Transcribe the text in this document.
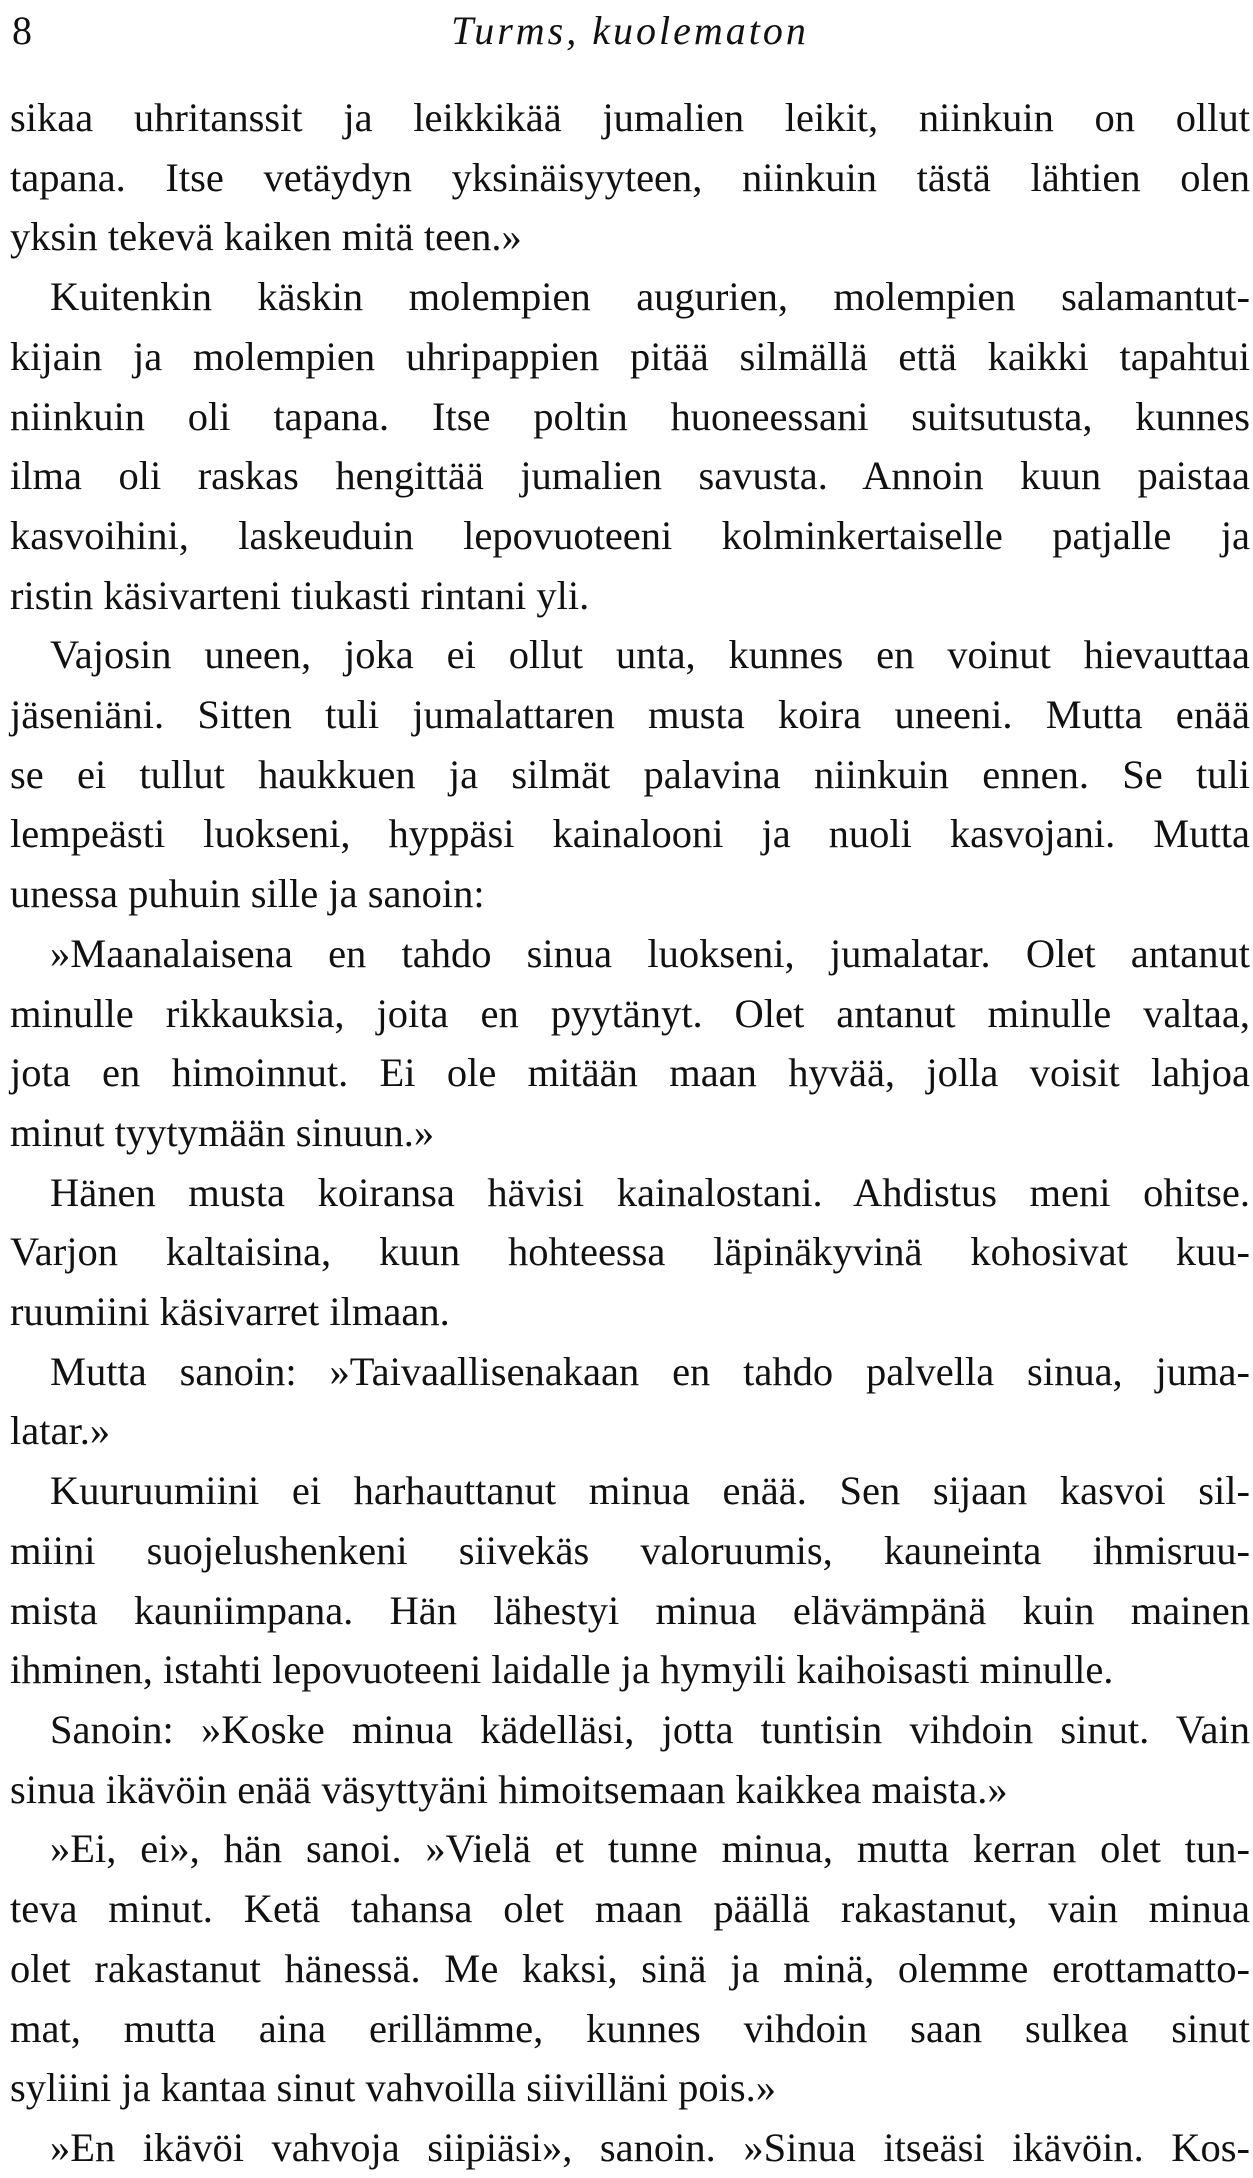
8	Turms, kuolematon

sikaa uhritanssit ja leikkikää jumalien leikit, niinkuin on ollut
tapana. Itse vetäydyn yksinäisyyteen, niinkuin tästä lähtien olen
yksin tekevä kaiken mitä teen.»

Kuitenkin käskin molempien augurien, molempien salamantut-
kijain ja molempien uhripappien pitää silmällä että kaikki tapahtui
niinkuin oli tapana. Itse poltin huoneessani suitsutusta, kunnes
ilma oli raskas hengittää jumalien savusta. Annoin kuun paistaa
kasvoihini, laskeuduin lepovuoteeni kolminkertaiselle patjalle ja
ristin käsivarteni tiukasti rintani yli.

Vajosin uneen, joka ei ollut unta, kunnes en voinut hievauttaa
jäseniäni. Sitten tuli jumalattaren musta koira uneeni. Mutta enää
se ei tullut haukkuen ja silmät palavina niinkuin ennen. Se tuli
lempeästi luokseni, hyppäsi kainalooni ja nuoli kasvojani. Mutta
unessa puhuin sille ja sanoin:

»Maanalaisena en tahdo sinua luokseni, jumalatar. Olet antanut
minulle rikkauksia, joita en pyytänyt. Olet antanut minulle valtaa,
jota en himoinnut. Ei ole mitään maan hyvää, jolla voisit lahjoa
minut tyytymään sinuun.»

Hänen musta koiransa hävisi kainalostani. Ahdistus meni ohitse.
Varjon kaltaisina, kuun hohteessa läpinäkyvinä kohosivat kuu-
ruumiini käsivarret ilmaan.

Mutta sanoin: »Taivaallisenakaan en tahdo palvella sinua, juma-
latar.»

Kuuruumiini ei harhauttanut minua enää. Sen sijaan kasvoi sil-
miini suojelushenkeni siivekäs valoruumis, kauneinta ihmisruu-
mista kauniimpana. Hän lähestyi minua elävämpänä kuin mainen
ihminen, istahti lepovuoteeni laidalle ja hymyili kaihoisasti minulle.

Sanoin: »Koske minua kädelläsi, jotta tuntisin vihdoin sinut. Vain
sinua ikävöin enää väsyttyäni himoitsemaan kaikkea maista.»

»Ei, ei», hän sanoi. »Vielä et tunne minua, mutta kerran olet tun-
teva minut. Ketä tahansa olet maan päällä rakastanut, vain minua
olet rakastanut hänessä. Me kaksi, sinä ja minä, olemme erottamatto-
mat, mutta aina erillämme, kunnes vihdoin saan sulkea sinut
syliini ja kantaa sinut vahvoilla siivilläni pois.»

»En ikävöi vahvoja siipiäsi», sanoin. »Sinua itseäsi ikävöin. Kos-
